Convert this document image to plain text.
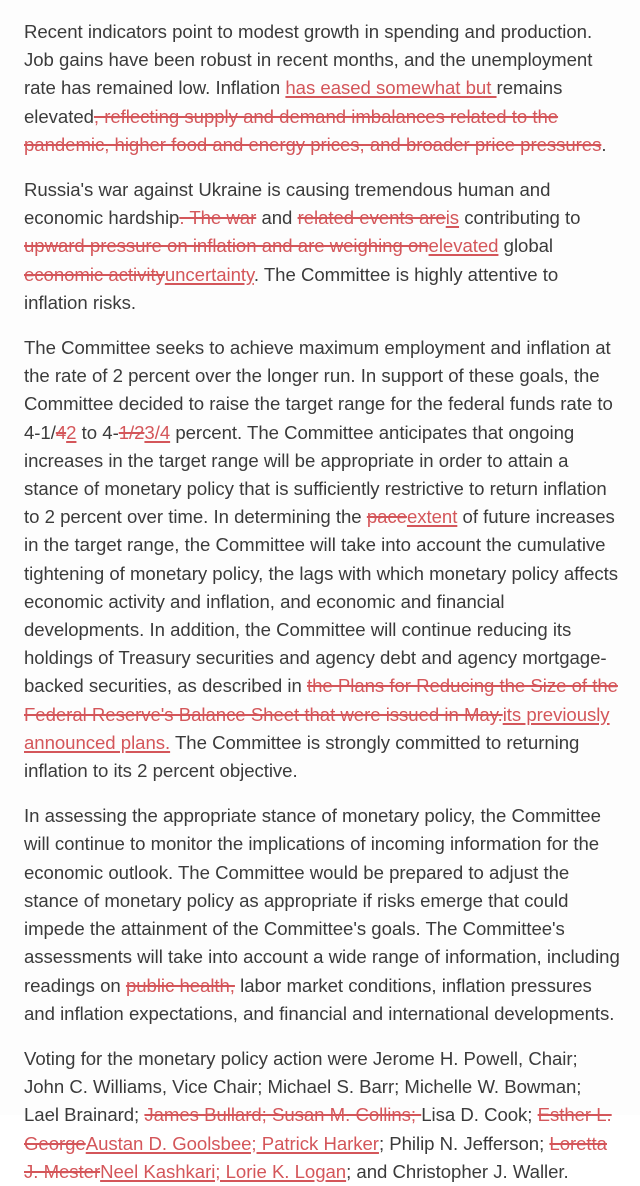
Recent indicators point to modest growth in spending and production. Job gains have been robust in recent months, and the unemployment rate has remained low. Inflation has eased somewhat but remains elevated, reflecting supply and demand imbalances related to the pandemic, higher food and energy prices, and broader price pressures.

Russia's war against Ukraine is causing tremendous human and economic hardship. The war and related events areis contributing to upward pressure on inflation and are weighing onelevated global economic activityuncertainty. The Committee is highly attentive to inflation risks.

The Committee seeks to achieve maximum employment and inflation at the rate of 2 percent over the longer run. In support of these goals, the Committee decided to raise the target range for the federal funds rate to 4-1/42 to 4-1/23/4 percent. The Committee anticipates that ongoing increases in the target range will be appropriate in order to attain a stance of monetary policy that is sufficiently restrictive to return inflation to 2 percent over time. In determining the paceextent of future increases in the target range, the Committee will take into account the cumulative tightening of monetary policy, the lags with which monetary policy affects economic activity and inflation, and economic and financial developments. In addition, the Committee will continue reducing its holdings of Treasury securities and agency debt and agency mortgage-backed securities, as described in the Plans for Reducing the Size of the Federal Reserve's Balance Sheet that were issued in May.its previously announced plans. The Committee is strongly committed to returning inflation to its 2 percent objective.

In assessing the appropriate stance of monetary policy, the Committee will continue to monitor the implications of incoming information for the economic outlook. The Committee would be prepared to adjust the stance of monetary policy as appropriate if risks emerge that could impede the attainment of the Committee's goals. The Committee's assessments will take into account a wide range of information, including readings on public health, labor market conditions, inflation pressures and inflation expectations, and financial and international developments.

Voting for the monetary policy action were Jerome H. Powell, Chair; John C. Williams, Vice Chair; Michael S. Barr; Michelle W. Bowman; Lael Brainard; James Bullard; Susan M. Collins; Lisa D. Cook; Esther L. GeorgeAustan D. Goolsbee; Patrick Harker; Philip N. Jefferson; Loretta J. MesterNeel Kashkari; Lorie K. Logan; and Christopher J. Waller.
